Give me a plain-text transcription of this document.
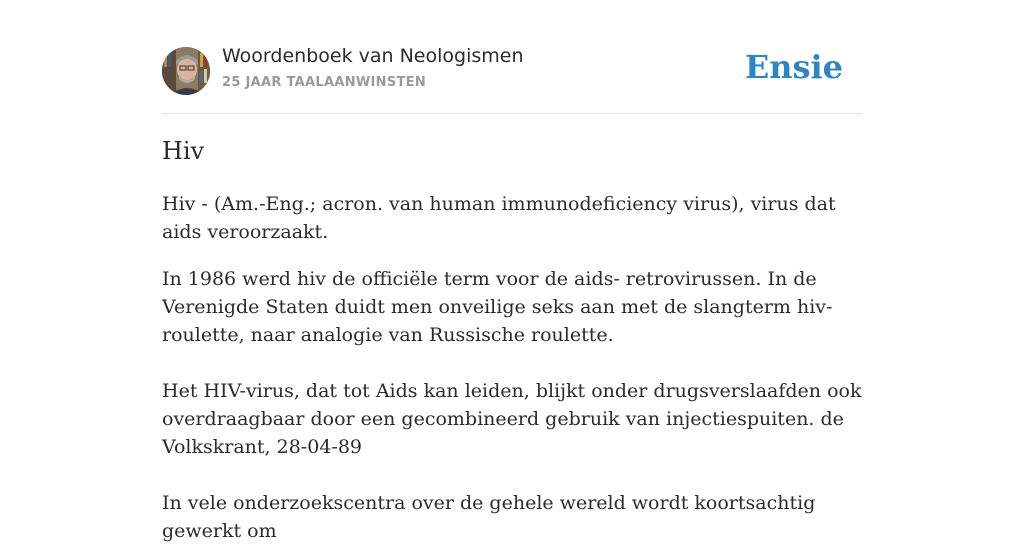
Woordenboek van Neologismen
25 JAAR TAALAANWINSTEN	Ensie
Hiv

Hiv - (Am.-Eng.; acron. van human immunodeficiency virus), virus dat aids veroorzaakt.

In 1986 werd hiv de officiële term voor de aids- retrovirussen. In de Verenigde Staten duidt men onveilige seks aan met de slangterm hiv-roulette, naar analogie van Russische roulette.

Het HIV-virus, dat tot Aids kan leiden, blijkt onder drugsverslaafden ook overdraagbaar door een gecombineerd gebruik van injectiespuiten. de Volkskrant, 28-04-89

In vele onderzoekscentra over de gehele wereld wordt koortsachtig gewerkt om
